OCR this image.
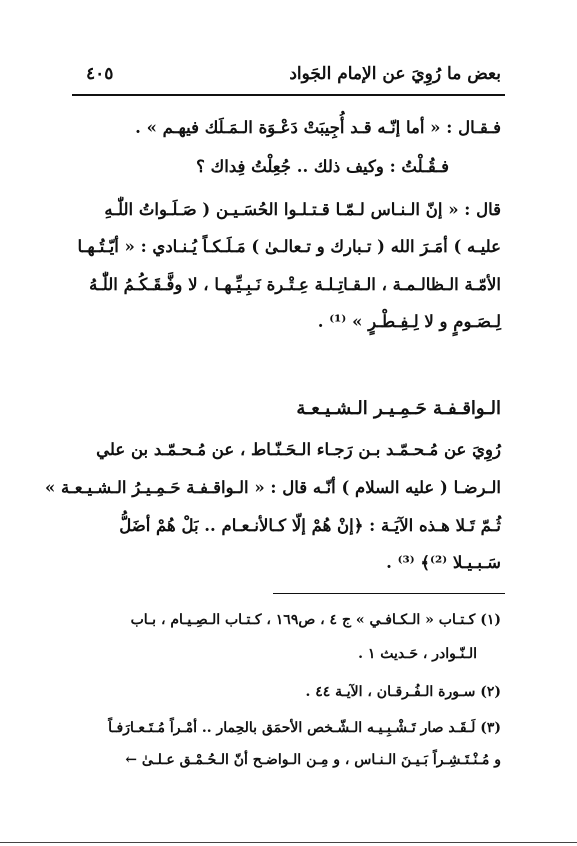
بعض ما رُوِيَ عن الإمام الجَواد
٤٠٥
فـقـال : « أما إنّـه قـد أُجِيبَتْ دَعْـوَة الـمَـلَك فيهـم » .
فـقُـلْتُ : وكيف ذلك .. جُعِلْتُ فِداك ؟
قال : « إنّ الـنـاس لـمّـا قـتـلـوا الحُسَـيـن ( صَـلَـواتُ اللّٰـهِ
عليـه ) أمَـرَ الله ( تـبارك و تـعالـىٰ ) مَـلَـكـاً يُـنـادي : « أيّـتُـهـا
الأمّـة الـظالـمـة ، الـقـاتِـلـة عِـتْـرة نَـبِـيِّـهـا ، لا وفَّـقَـكُـمُ اللّٰـهُ
لِـصَـومٍ و لا لِـفِـطْـرٍ » ⁽¹⁾ .
الـواقـفـة حَـمِـيـر الـشـيـعـة
رُوِيَ عن مُـحـمّـد بـن رَجـاء الـحَـنّـاط ، عن مُـحـمّـد بن علي
الـرضـا ( عليه السلام ) أنّـه قال : « الـواقـفـة حَـمِـيـرُ الـشـيـعـة »
ثُـمّ تَـلا هـذه الآيَـة : ﴿إنْ هُمْ إلّا كـالأنـعـام .. بَلْ هُمْ أضَلُّ
سَـبـيـلا ⁽²⁾﴾ ⁽³⁾ .
(١) كـتـاب « الـكـافـي » ج ٤ ، ص١٦٩ ، كـتـاب الـصِـيـام ، بـاب
الـنّـوادر ، حَـديث ١ .
(٢) سـورة الـفُـرقـان ، الآيـة ٤٤ .
(٣) لَـقَـد صار تَـشْـبِـيـه الـشّـخص الأحمَق بالحِمار .. أمْـراً مُـتَـعـارَفـاً
و مُـنْـتَـشِـراً بَـيـنَ الـنـاس ، و مِـن الـواضـح أنّ الـحُـمْـق عـلـىٰ ←
